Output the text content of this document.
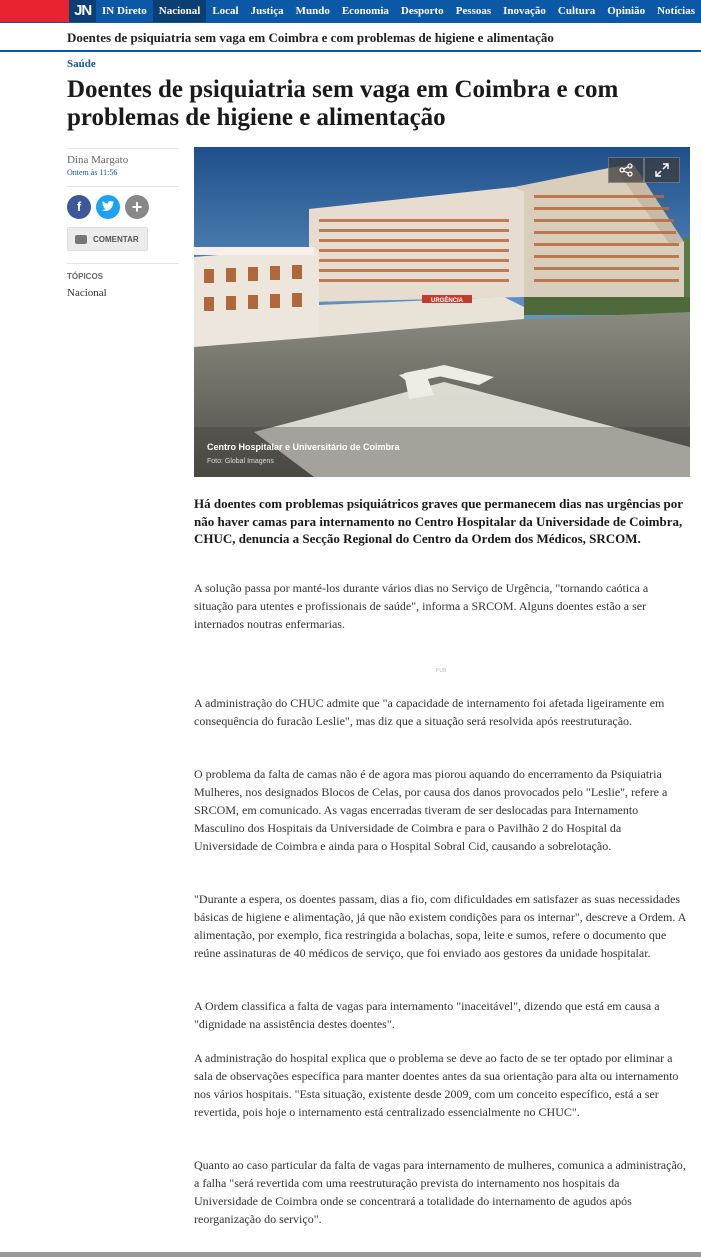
JN IN Direto	Nacional	Local	Justiça	Mundo	Economia	Desporto	Pessoas	Inovação	Cultura	Opinião	Notícias
Doentes de psiquiatria sem vaga em Coimbra e com problemas de higiene e alimentação
Saúde
Doentes de psiquiatria sem vaga em Coimbra e com problemas de higiene e alimentação
Dina Margato
Ontem às 11:56
f	+
COMENTAR
TÓPICOS
Nacional
URGÊNCIA
Centro Hospitalar e Universitário de Coimbra
Foto: Global Imagens

Há doentes com problemas psiquiátricos graves que permanecem dias nas urgências por não haver camas para internamento no Centro Hospitalar da Universidade de Coimbra, CHUC, denuncia a Secção Regional do Centro da Ordem dos Médicos, SRCOM.

A solução passa por manté-los durante vários dias no Serviço de Urgência, "tornando caótica a situação para utentes e profissionais de saúde", informa a SRCOM. Alguns doentes estão a ser internados noutras enfermarias.

PUB

A administração do CHUC admite que "a capacidade de internamento foi afetada ligeiramente em consequência do furacão Leslie", mas diz que a situação será resolvida após reestruturação.

O problema da falta de camas não é de agora mas piorou aquando do encerramento da Psiquiatria Mulheres, nos designados Blocos de Celas, por causa dos danos provocados pelo "Leslie", refere a SRCOM, em comunicado. As vagas encerradas tiveram de ser deslocadas para Internamento Masculino dos Hospitais da Universidade de Coimbra e para o Pavilhão 2 do Hospital da Universidade de Coimbra e ainda para o Hospital Sobral Cid, causando a sobrelotação.

"Durante a espera, os doentes passam, dias a fio, com dificuldades em satisfazer as suas necessidades básicas de higiene e alimentação, já que não existem condições para os internar", descreve a Ordem. A alimentação, por exemplo, fica restringida a bolachas, sopa, leite e sumos, refere o documento que reúne assinaturas de 40 médicos de serviço, que foi enviado aos gestores da unidade hospitalar.

A Ordem classifica a falta de vagas para internamento "inaceitável", dizendo que está em causa a "dignidade na assistência destes doentes".

A administração do hospital explica que o problema se deve ao facto de se ter optado por eliminar a sala de observações específica para manter doentes antes da sua orientação para alta ou internamento nos vários hospitais. "Esta situação, existente desde 2009, com um conceito específico, está a ser revertida, pois hoje o internamento está centralizado essencialmente no CHUC".

Quanto ao caso particular da falta de vagas para internamento de mulheres, comunica a administração, a falha "será revertida com uma reestruturação prevista do internamento nos hospitais da Universidade de Coimbra onde se concentrará a totalidade do internamento de agudos após reorganização do serviço".
